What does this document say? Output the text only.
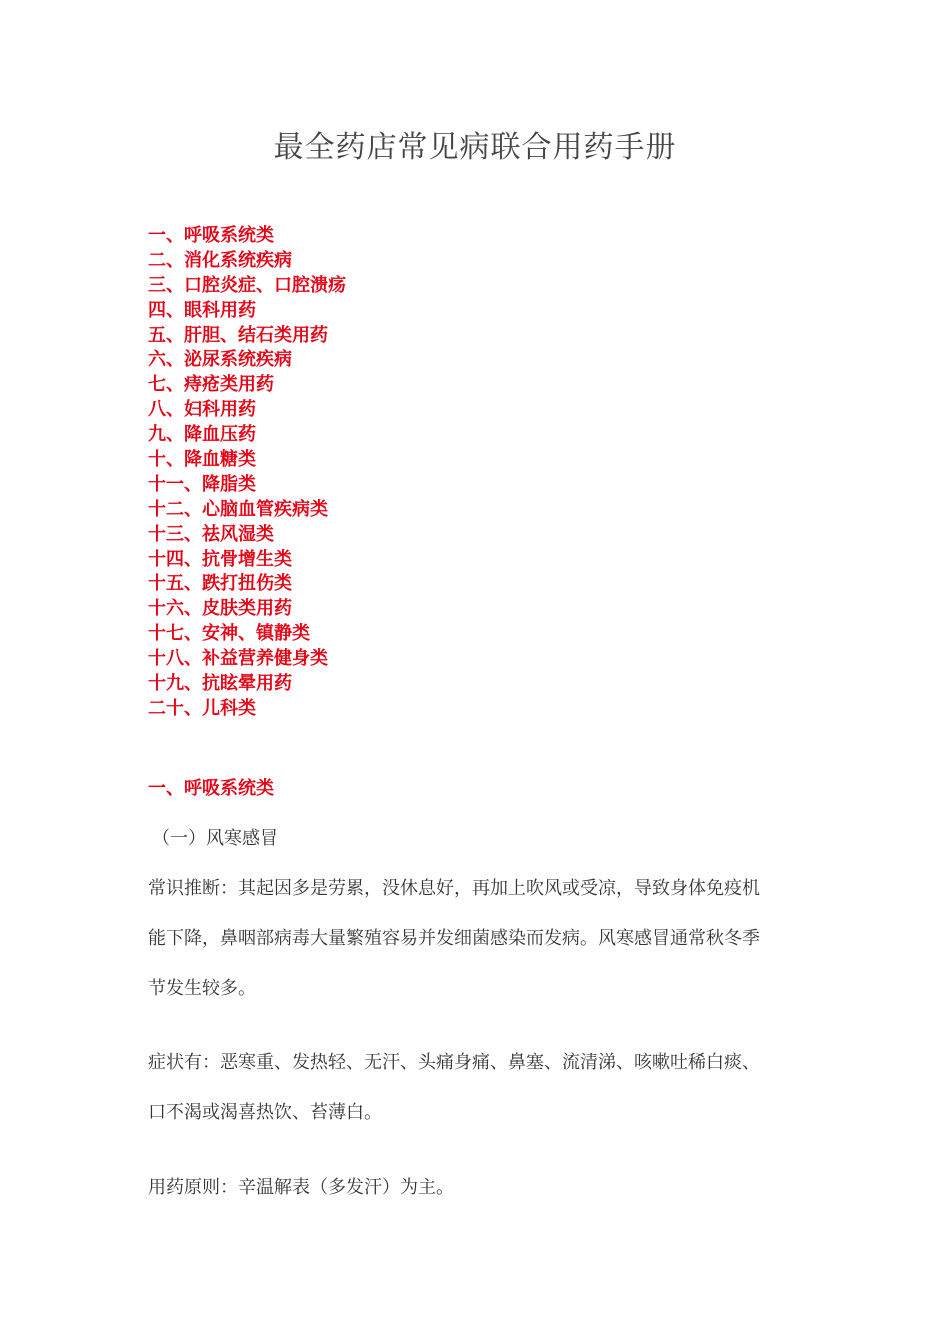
最全药店常见病联合用药手册
一、呼吸系统类
二、消化系统疾病
三、口腔炎症、口腔溃疡
四、眼科用药
五、肝胆、结石类用药
六、泌尿系统疾病
七、痔疮类用药
八、妇科用药
九、降血压药
十、降血糖类
十一、降脂类
十二、心脑血管疾病类
十三、祛风湿类
十四、抗骨增生类
十五、跌打扭伤类
十六、皮肤类用药
十七、安神、镇静类
十八、补益营养健身类
十九、抗眩晕用药
二十、儿科类
一、呼吸系统类
（一）风寒感冒

常识推断：其起因多是劳累，没休息好，再加上吹风或受凉，导致身体免疫机
能下降，鼻咽部病毒大量繁殖容易并发细菌感染而发病。风寒感冒通常秋冬季
节发生较多。

症状有：恶寒重、发热轻、无汗、头痛身痛、鼻塞、流清涕、咳嗽吐稀白痰、
口不渴或渴喜热饮、苔薄白。

用药原则：辛温解表（多发汗）为主。
